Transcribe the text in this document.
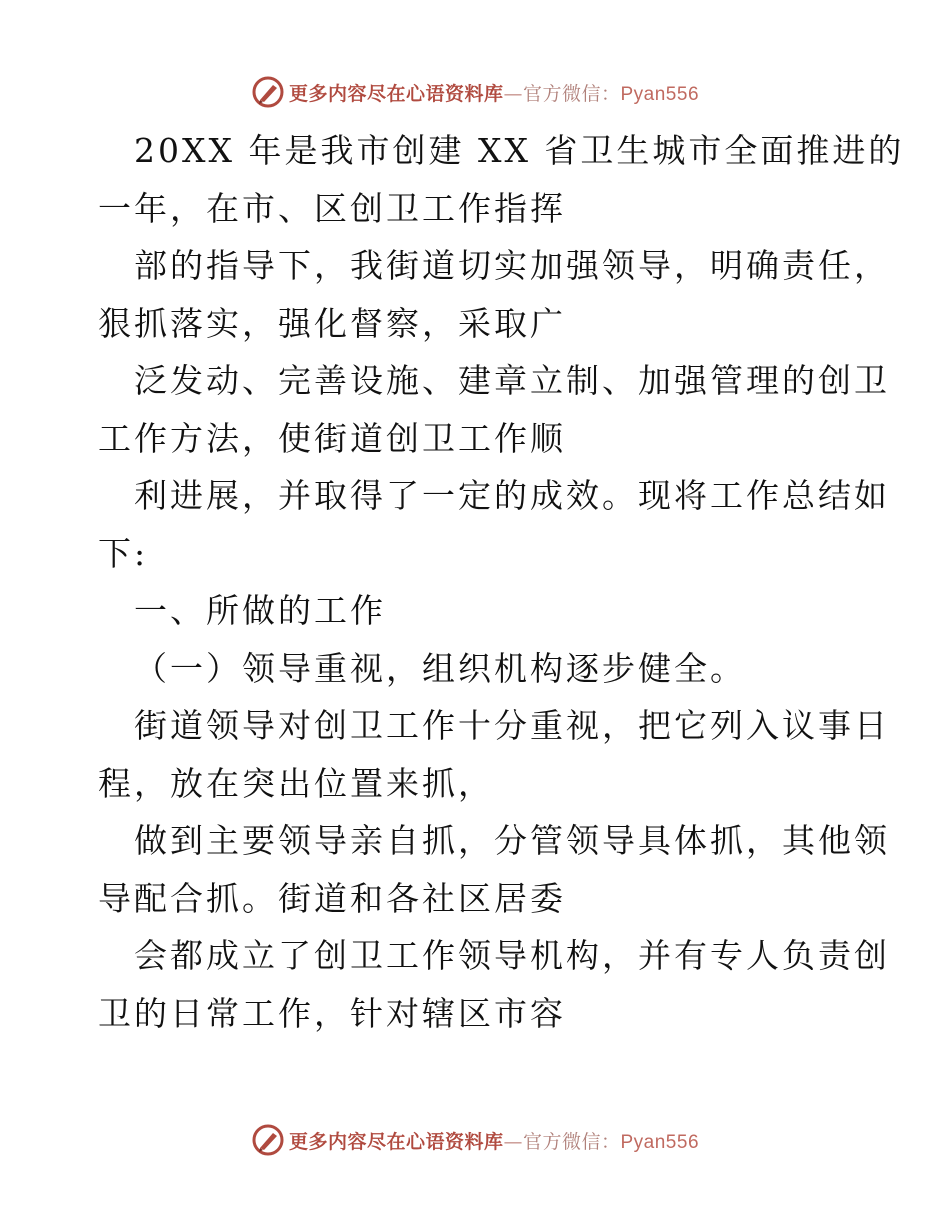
更多内容尽在心语资料库—官方微信：Pyan556
20XX 年是我市创建 XX 省卫生城市全面推进的
一年，在市、区创卫工作指挥
部的指导下，我街道切实加强领导，明确责任，
狠抓落实，强化督察，采取广
泛发动、完善设施、建章立制、加强管理的创卫
工作方法，使街道创卫工作顺
利进展，并取得了一定的成效。现将工作总结如
下:
一、所做的工作
（一）领导重视，组织机构逐步健全。
街道领导对创卫工作十分重视，把它列入议事日
程，放在突出位置来抓，
做到主要领导亲自抓，分管领导具体抓，其他领
导配合抓。街道和各社区居委
会都成立了创卫工作领导机构，并有专人负责创
卫的日常工作，针对辖区市容
更多内容尽在心语资料库—官方微信：Pyan556
